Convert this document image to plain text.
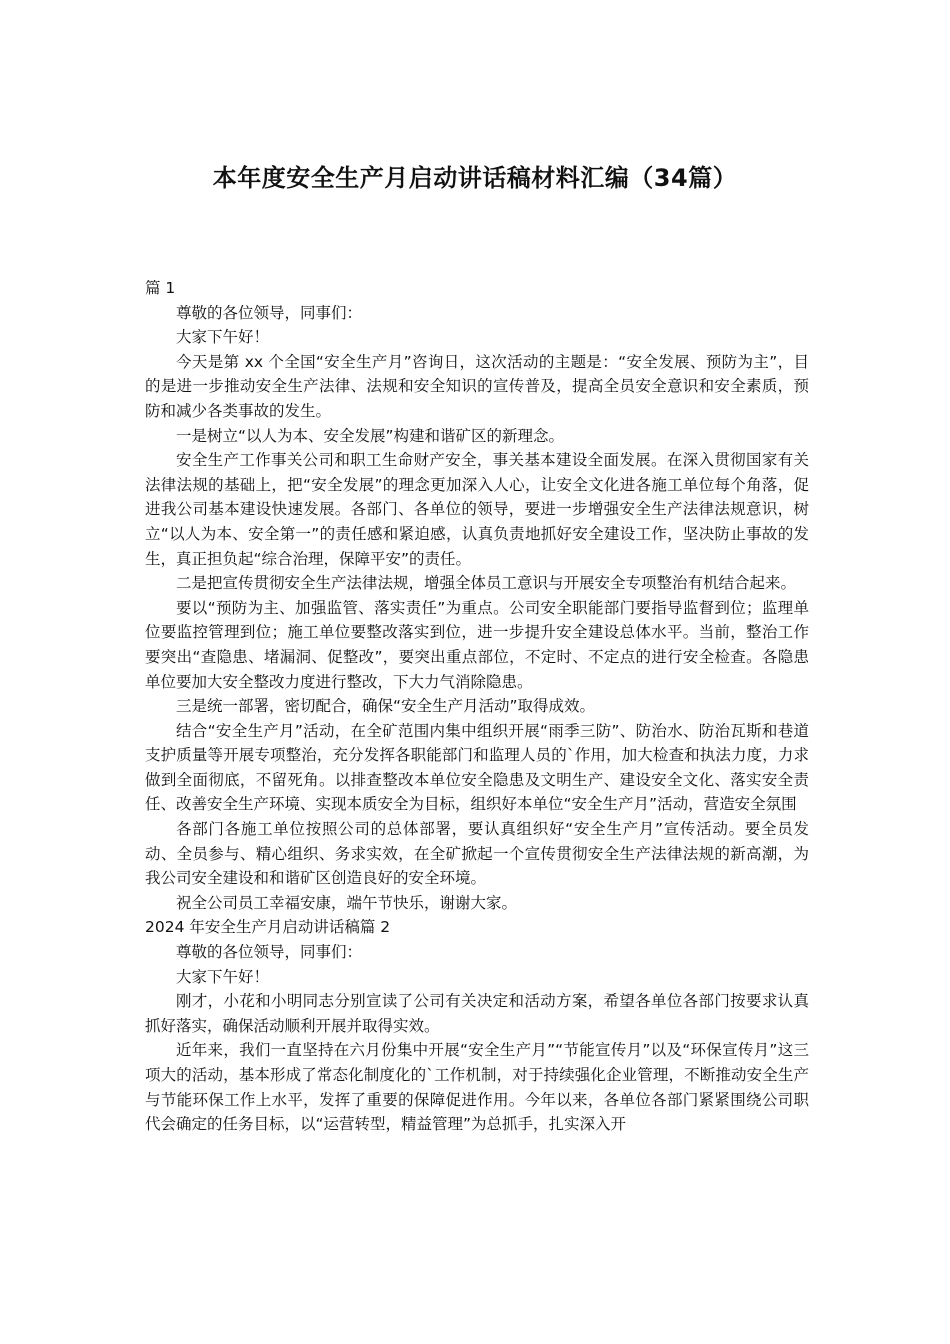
本年度安全生产月启动讲话稿材料汇编（34篇）

篇 1

尊敬的各位领导，同事们：

大家下午好！

今天是第 xx 个全国“安全生产月”咨询日，这次活动的主题是：“安全发展、预防为主”，目的是进一步推动安全生产法律、法规和安全知识的宣传普及，提高全员安全意识和安全素质，预防和减少各类事故的发生。

一是树立“以人为本、安全发展”构建和谐矿区的新理念。

安全生产工作事关公司和职工生命财产安全，事关基本建设全面发展。在深入贯彻国家有关法律法规的基础上，把“安全发展”的理念更加深入人心，让安全文化进各施工单位每个角落，促进我公司基本建设快速发展。各部门、各单位的领导，要进一步增强安全生产法律法规意识，树立“以人为本、安全第一”的责任感和紧迫感，认真负责地抓好安全建设工作，坚决防止事故的发生，真正担负起“综合治理，保障平安”的责任。

二是把宣传贯彻安全生产法律法规，增强全体员工意识与开展安全专项整治有机结合起来。

要以“预防为主、加强监管、落实责任”为重点。公司安全职能部门要指导监督到位；监理单位要监控管理到位；施工单位要整改落实到位，进一步提升安全建设总体水平。当前，整治工作要突出“查隐患、堵漏洞、促整改”，要突出重点部位，不定时、不定点的进行安全检查。各隐患单位要加大安全整改力度进行整改，下大力气消除隐患。

三是统一部署，密切配合，确保“安全生产月活动”取得成效。

结合“安全生产月”活动，在全矿范围内集中组织开展“雨季三防”、防治水、防治瓦斯和巷道支护质量等开展专项整治，充分发挥各职能部门和监理人员的`作用，加大检查和执法力度，力求做到全面彻底，不留死角。以排查整改本单位安全隐患及文明生产、建设安全文化、落实安全责任、改善安全生产环境、实现本质安全为目标，组织好本单位“安全生产月”活动，营造安全氛围

各部门各施工单位按照公司的总体部署，要认真组织好“安全生产月”宣传活动。要全员发动、全员参与、精心组织、务求实效，在全矿掀起一个宣传贯彻安全生产法律法规的新高潮，为我公司安全建设和和谐矿区创造良好的安全环境。

祝全公司员工幸福安康，端午节快乐，谢谢大家。

2024 年安全生产月启动讲话稿篇 2

尊敬的各位领导，同事们：

大家下午好！

刚才，小花和小明同志分别宣读了公司有关决定和活动方案，希望各单位各部门按要求认真抓好落实，确保活动顺利开展并取得实效。

近年来，我们一直坚持在六月份集中开展“安全生产月”“节能宣传月”以及“环保宣传月”这三项大的活动，基本形成了常态化制度化的`工作机制，对于持续强化企业管理，不断推动安全生产与节能环保工作上水平，发挥了重要的保障促进作用。今年以来，各单位各部门紧紧围绕公司职代会确定的任务目标，以“运营转型，精益管理”为总抓手，扎实深入开
